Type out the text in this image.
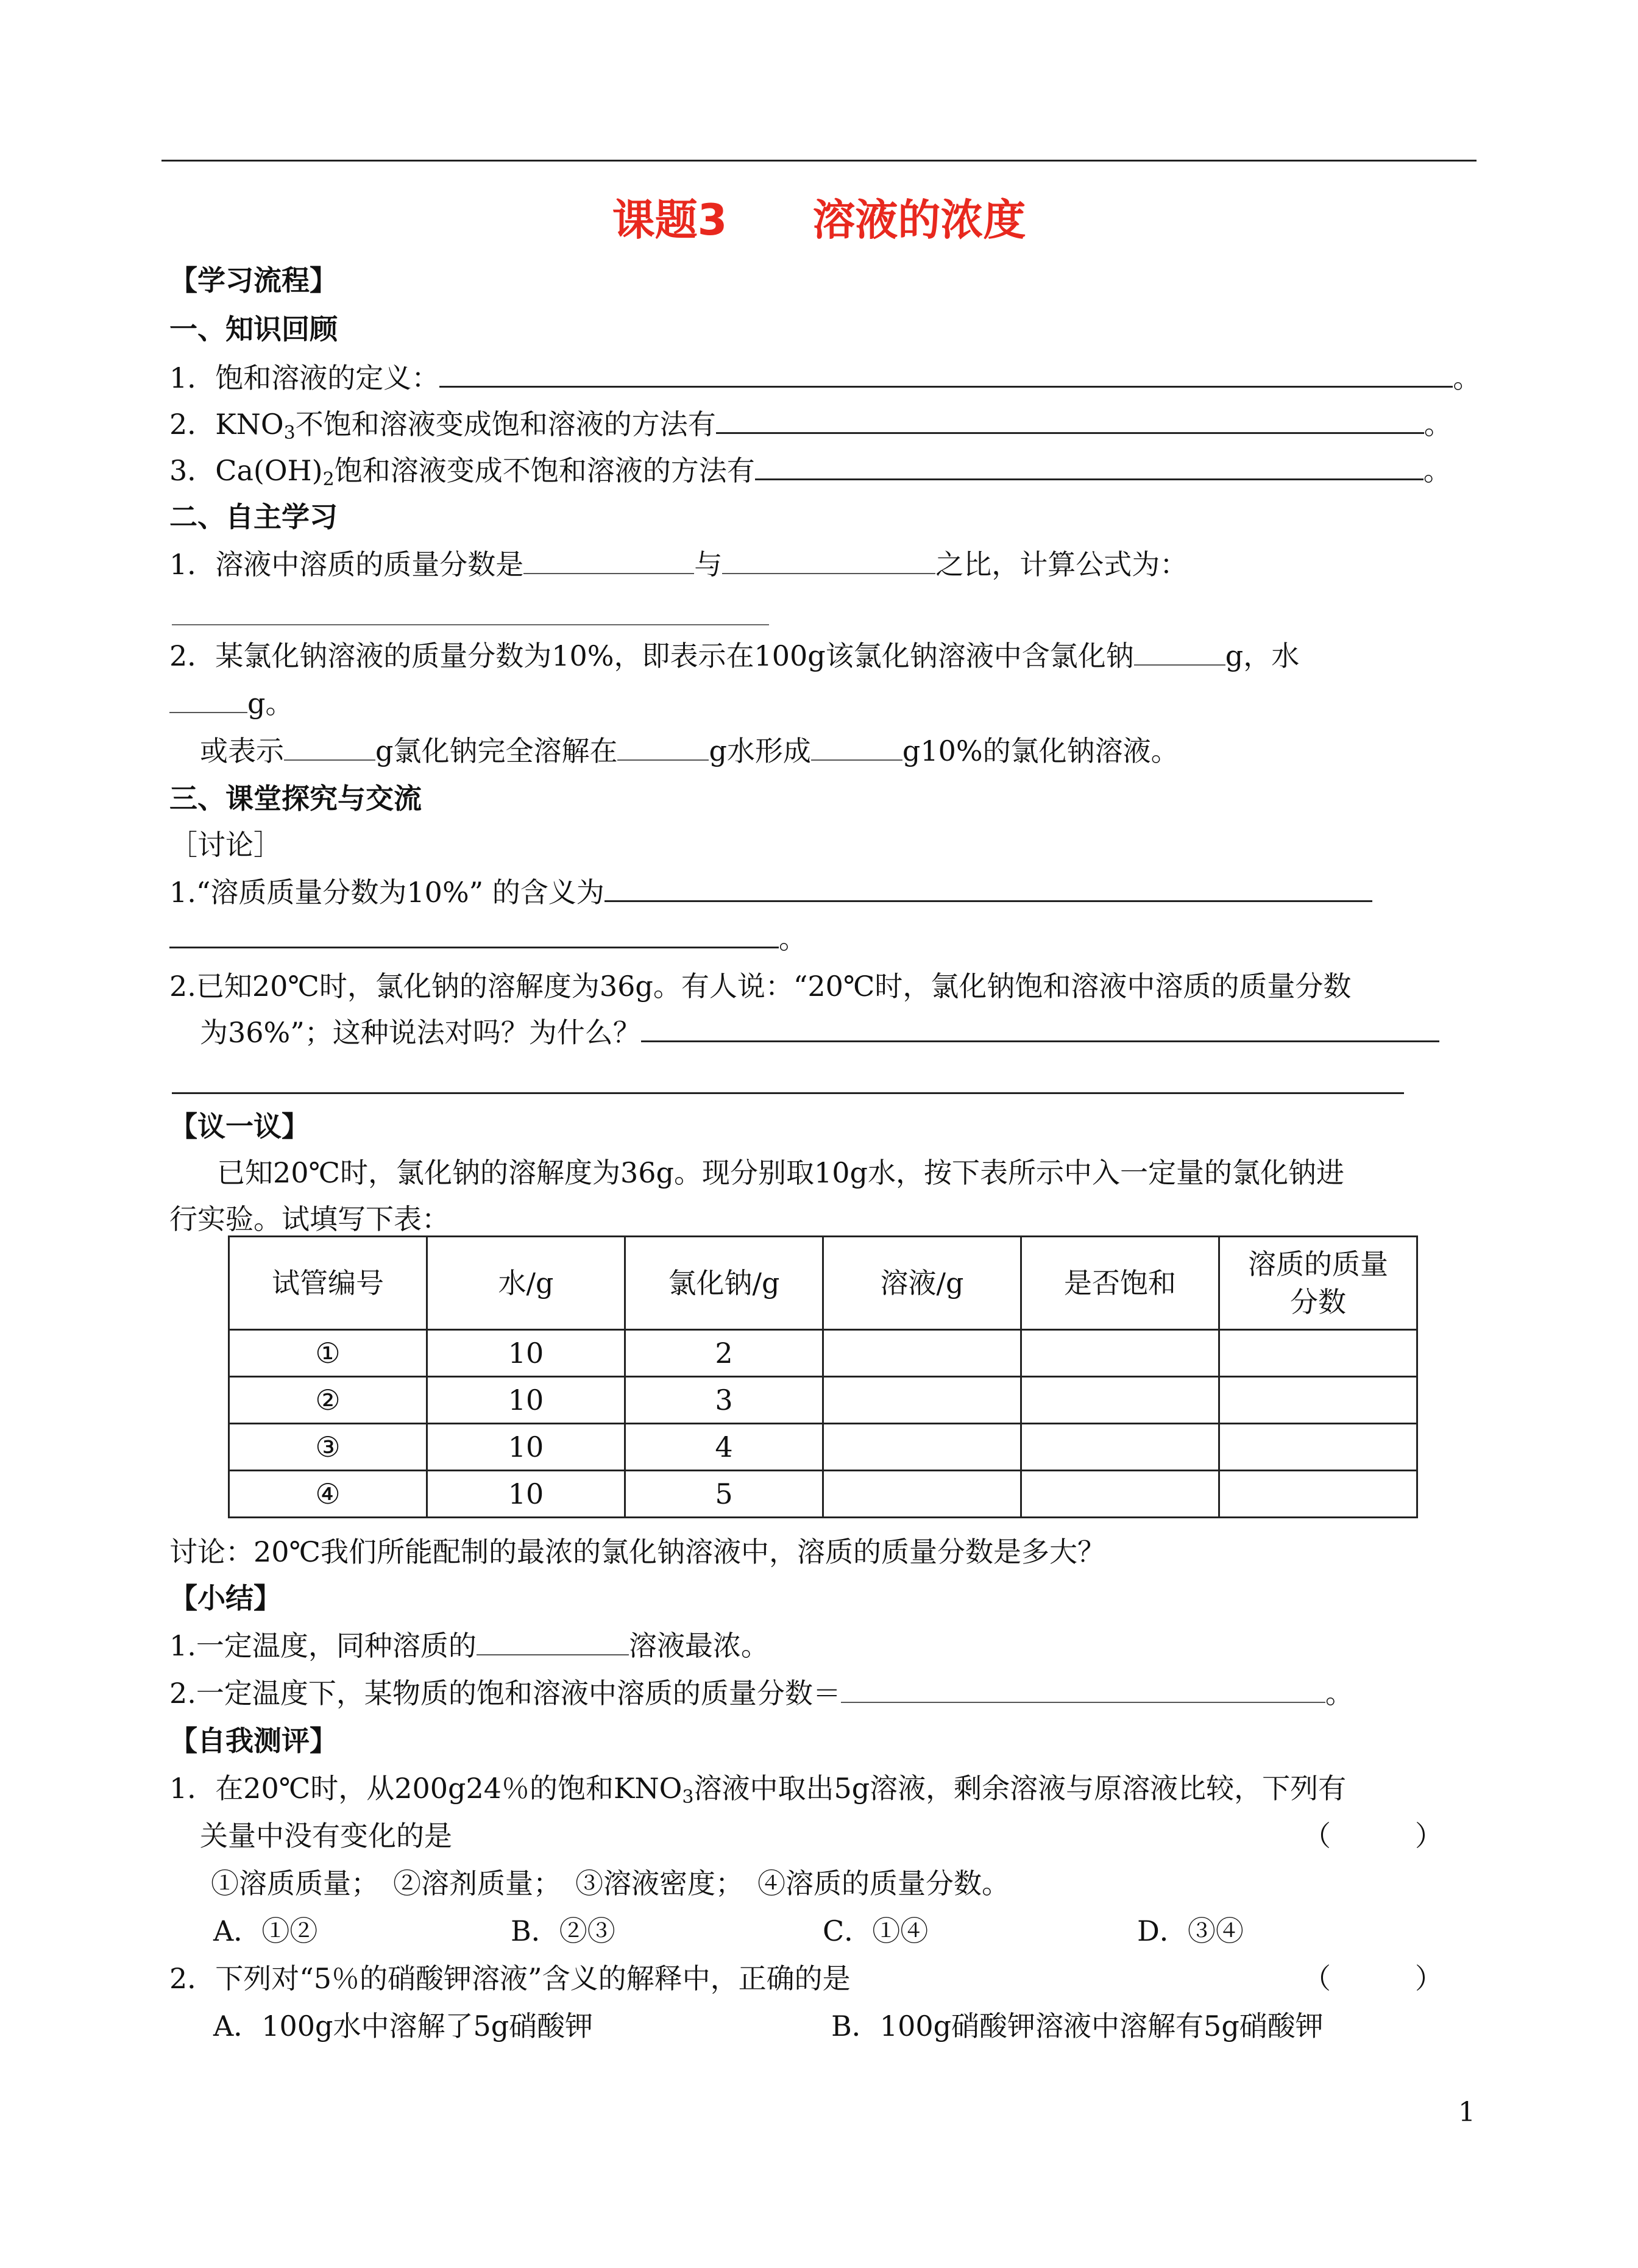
课题3　　溶液的浓度
【学习流程】
一、知识回顾
1．饱和溶液的定义：	。
2．$KNO_3$不饱和溶液变成饱和溶液的方法有	。
3．$Ca(OH)_2$饱和溶液变成不饱和溶液的方法有	。
二、自主学习
1．溶液中溶质的质量分数是	与	之比，计算公式为：
2．某氯化钠溶液的质量分数为10%，即表示在100g该氯化钠溶液中含氯化钠	g，水
g。
或表示	g氯化钠完全溶解在	g水形成	g10%的氯化钠溶液。
三、课堂探究与交流
［讨论］
1.“溶质质量分数为10%” 的含义为
。
2.已知20℃时，氯化钠的溶解度为36g。有人说：“20℃时，氯化钠饱和溶液中溶质的质量分数
为36%”；这种说法对吗？为什么？
【议一议】
已知20℃时，氯化钠的溶解度为36g。现分别取10g水，按下表所示中入一定量的氯化钠进
行实验。试填写下表：
试管编号	水/g	氯化钠/g	溶液/g	是否饱和	溶质的质量
分数
①	10	2			
②	10	3			
③	10	4			
④	10	5			
讨论：20℃我们所能配制的最浓的氯化钠溶液中，溶质的质量分数是多大？
【小结】
1.一定温度，同种溶质的	溶液最浓。
2.一定温度下，某物质的饱和溶液中溶质的质量分数＝	。
【自我测评】
1．在20℃时，从200g24％的饱和$KNO_3$溶液中取出5g溶液，剩余溶液与原溶液比较，下列有
关量中没有变化的是	（　　　）
①溶质质量；　②溶剂质量；　③溶液密度；　④溶质的质量分数。
A．①②	B．②③	C．①④	D．③④
2．下列对“5％的硝酸钾溶液”含义的解释中，正确的是	（　　　）
A．100g水中溶解了5g硝酸钾	B．100g硝酸钾溶液中溶解有5g硝酸钾
1
